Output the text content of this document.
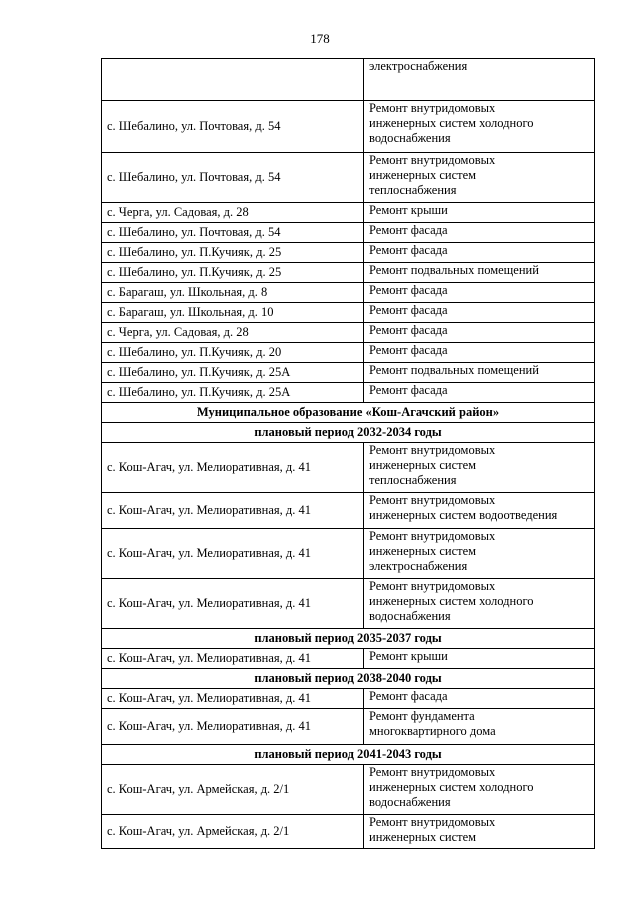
178

	электроснабжения

с. Шебалино, ул. Почтовая, д. 54	Ремонт внутридомовых
инженерных систем холодного
водоснабжения

с. Шебалино, ул. Почтовая, д. 54	Ремонт внутридомовых
инженерных систем
теплоснабжения

с. Черга, ул. Садовая, д. 28	Ремонт крыши

с. Шебалино, ул. Почтовая, д. 54	Ремонт фасада

с. Шебалино, ул. П.Кучияк, д. 25	Ремонт фасада

с. Шебалино, ул. П.Кучияк, д. 25	Ремонт подвальных помещений

с. Барагаш, ул. Школьная, д. 8	Ремонт фасада

с. Барагаш, ул. Школьная, д. 10	Ремонт фасада

с. Черга, ул. Садовая, д. 28	Ремонт фасада

с. Шебалино, ул. П.Кучияк, д. 20	Ремонт фасада

с. Шебалино, ул. П.Кучияк, д. 25А	Ремонт подвальных помещений

с. Шебалино, ул. П.Кучияк, д. 25А	Ремонт фасада

Муниципальное образование «Кош-Агачский район»	
плановый период 2032-2034 годы	
с. Кош-Агач, ул. Мелиоративная, д. 41	Ремонт внутридомовых
инженерных систем
теплоснабжения

с. Кош-Агач, ул. Мелиоративная, д. 41	Ремонт внутридомовых
инженерных систем водоотведения

с. Кош-Агач, ул. Мелиоративная, д. 41	Ремонт внутридомовых
инженерных систем
электроснабжения

с. Кош-Агач, ул. Мелиоративная, д. 41	Ремонт внутридомовых
инженерных систем холодного
водоснабжения

плановый период 2035-2037 годы	
с. Кош-Агач, ул. Мелиоративная, д. 41	Ремонт крыши

плановый период 2038-2040 годы	
с. Кош-Агач, ул. Мелиоративная, д. 41	Ремонт фасада

с. Кош-Агач, ул. Мелиоративная, д. 41	Ремонт фундамента
многоквартирного дома

плановый период 2041-2043 годы	
с. Кош-Агач, ул. Армейская, д. 2/1	Ремонт внутридомовых
инженерных систем холодного
водоснабжения

с. Кош-Агач, ул. Армейская, д. 2/1	Ремонт внутридомовых
инженерных систем
